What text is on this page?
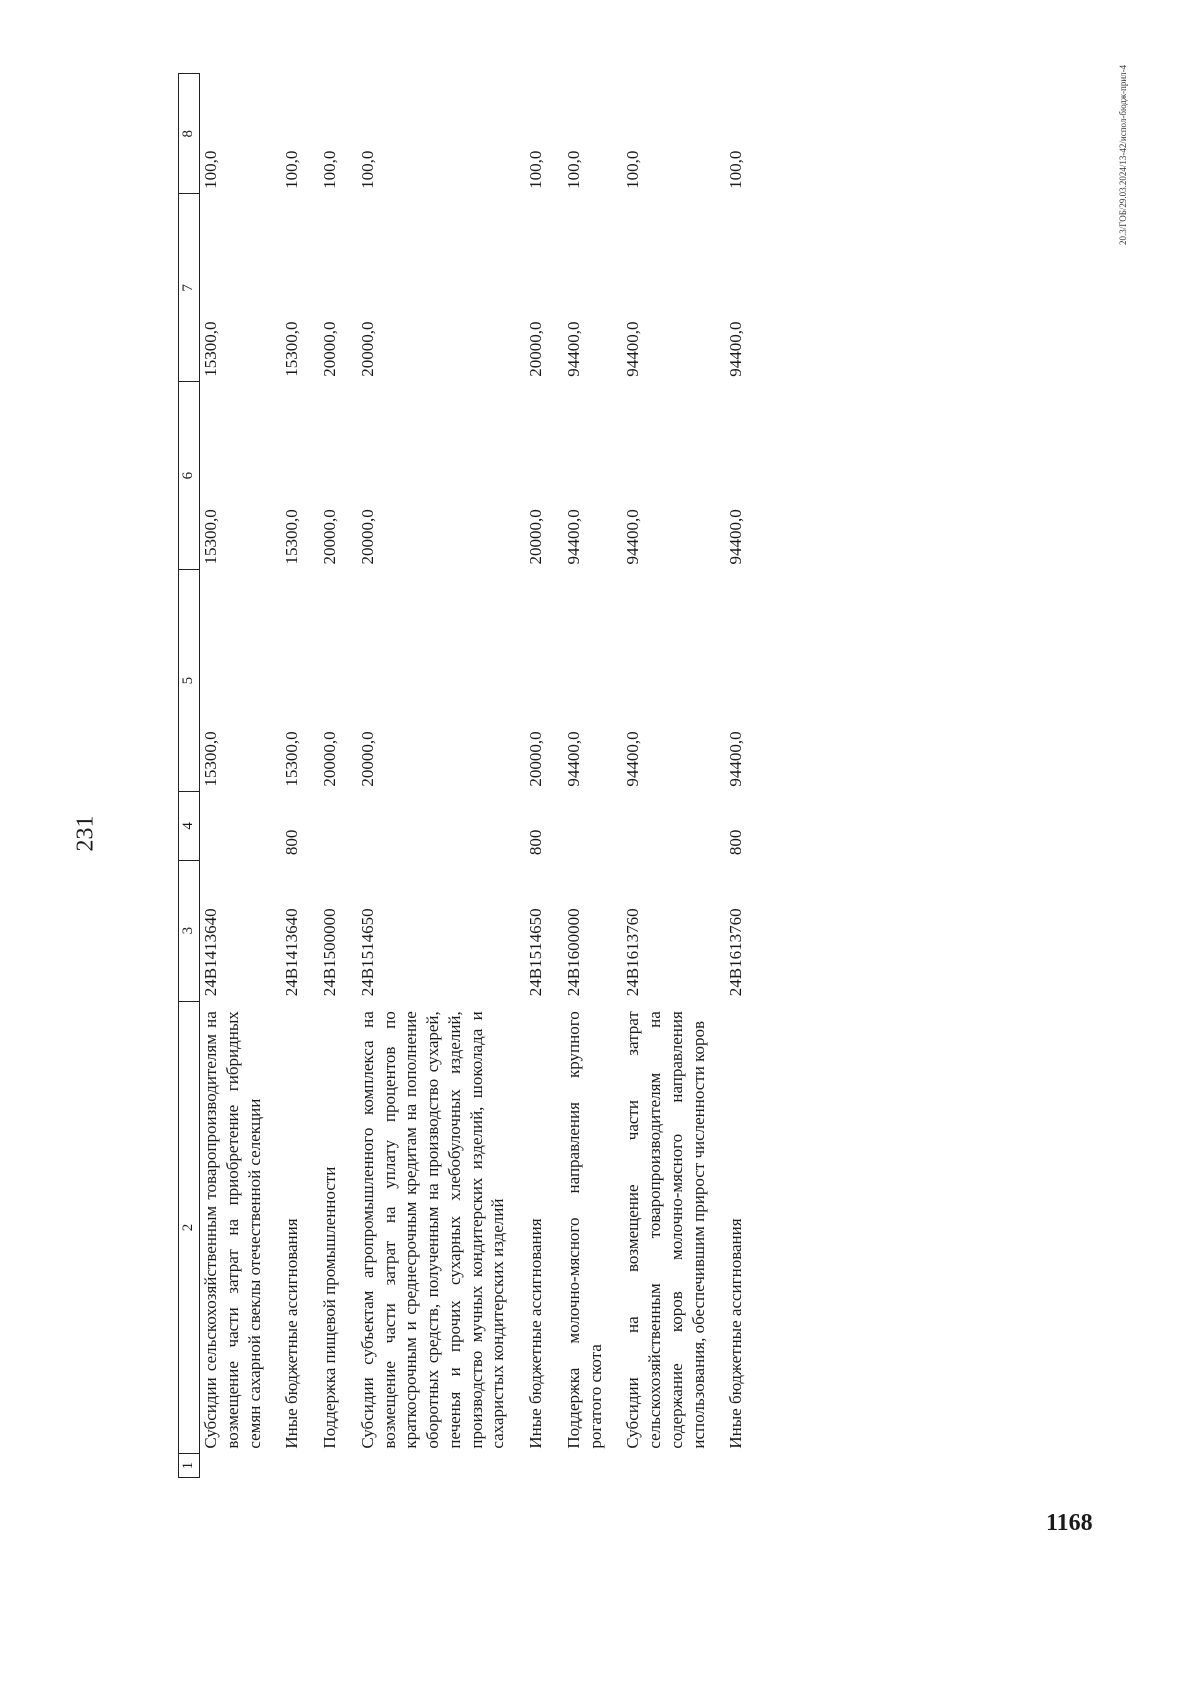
231
1	2	3	4	5	6	7	8
	Субсидии сельскохозяйственным товаропроизводителям на возмещение части затрат на приобретение гибридных семян сахарной свеклы отечественной селекции	24В1413640		15300,0	15300,0	15300,0	100,0
	Иные бюджетные ассигнования	24В1413640	800	15300,0	15300,0	15300,0	100,0
	Поддержка пищевой промышленности	24В1500000		20000,0	20000,0	20000,0	100,0
	Субсидии субъектам агропромышленного комплекса на возмещение части затрат на уплату процентов по краткосрочным и среднесрочным кредитам на пополнение оборотных средств, полученным на производство сухарей, печенья и прочих сухарных хлебобулочных изделий, производство мучных кондитерских изделий, шоколада и сахаристых кондитерских изделий	24В1514650		20000,0	20000,0	20000,0	100,0
	Иные бюджетные ассигнования	24В1514650	800	20000,0	20000,0	20000,0	100,0
	Поддержка молочно-мясного направления крупного рогатого скота	24В1600000		94400,0	94400,0	94400,0	100,0
	Субсидии на возмещение части затрат сельскохозяйственным товаропроизводителям на содержание коров молочно-мясного направления использования, обеспечившим прирост численности коров	24В1613760		94400,0	94400,0	94400,0	100,0
	Иные бюджетные ассигнования	24В1613760	800	94400,0	94400,0	94400,0	100,0	20.3/ГОБ/29.03.2024/13-42/испол-бюдж-прил-4
1168
